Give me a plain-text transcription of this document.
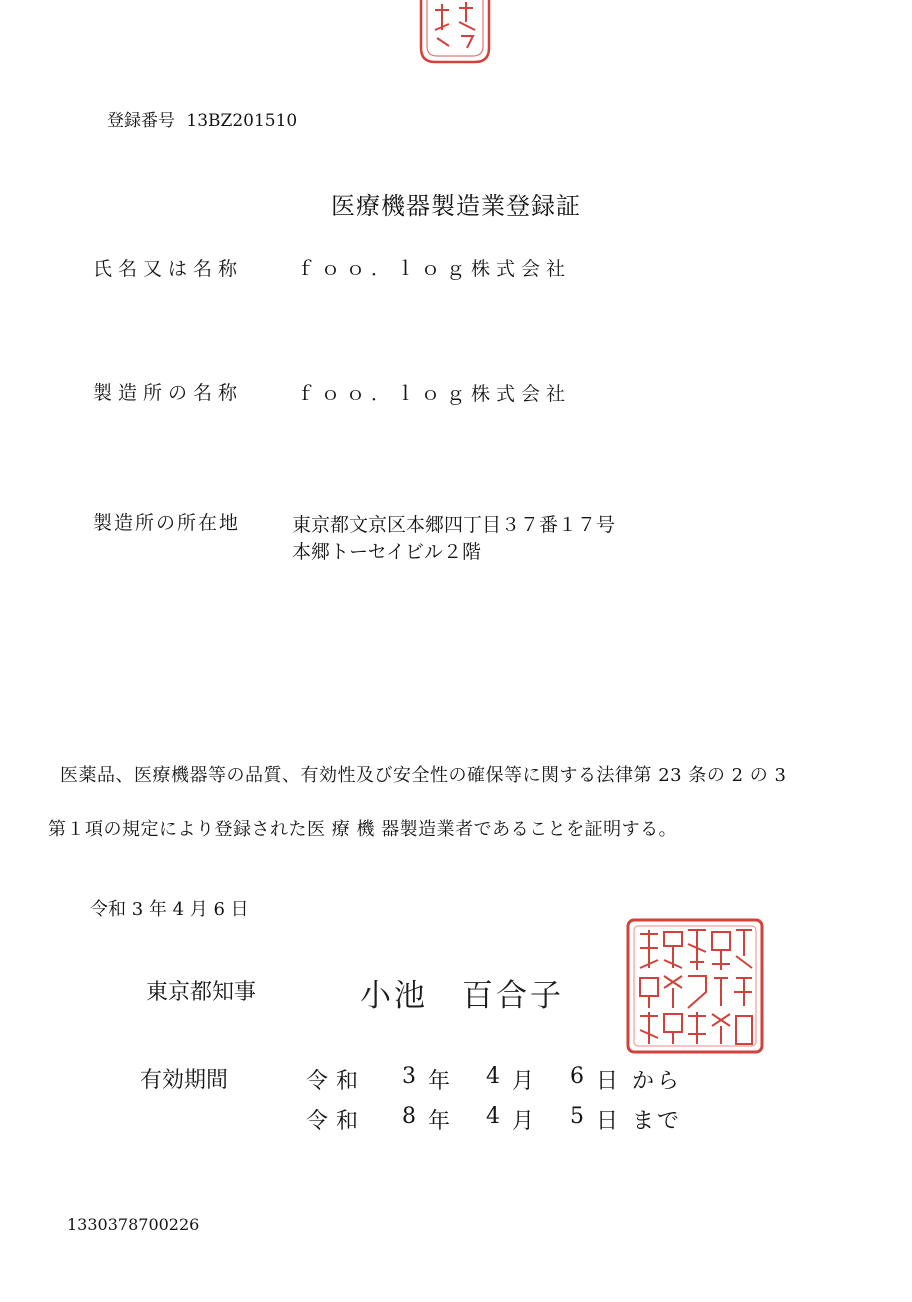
登録番号 13BZ201510
医療機器製造業登録証
氏名又は名称	ｆｏｏ．ｌｏｇ株式会社
製造所の名称	ｆｏｏ．ｌｏｇ株式会社
製造所の所在地	東京都文京区本郷四丁目３７番１７号
本郷トーセイビル２階
医薬品、医療機器等の品質、有効性及び安全性の確保等に関する法律第 23 条の 2 の 3
第１項の規定により登録された医 療 機 器製造業者であることを証明する。
令和 3 年 4 月 6 日
東京都知事	小池　百合子
有効期間	令和	3 年	4 月	6 日 から
令和	8 年	4 月	5 日 まで
1330378700226
